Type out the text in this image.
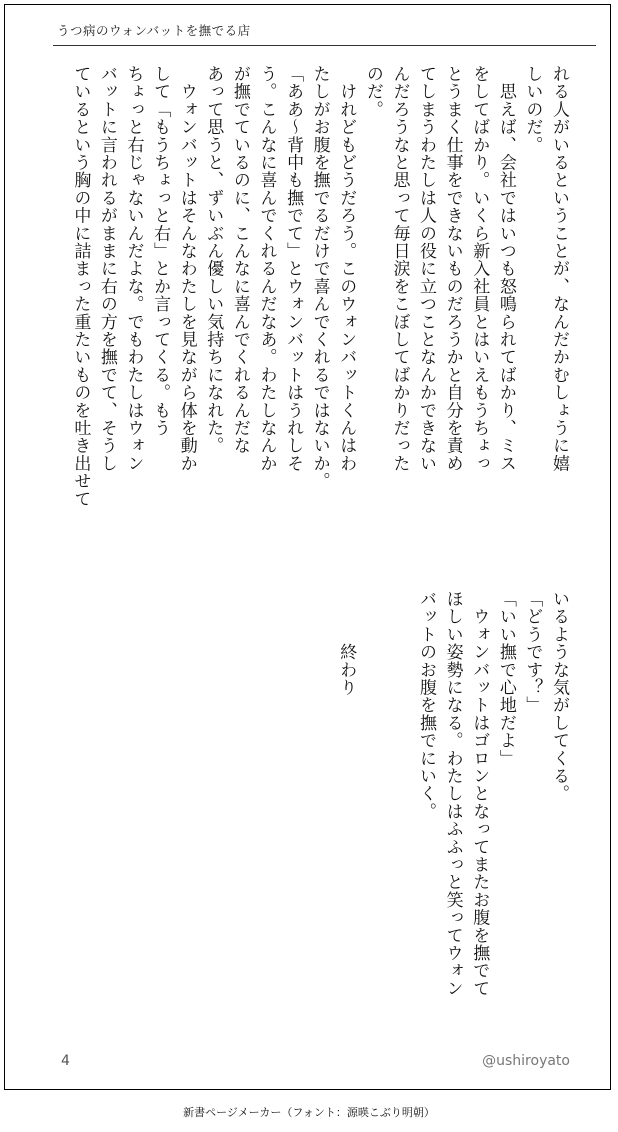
うつ病のウォンバットを撫でる店
れる人がいるということが、なんだかむしょうに嬉
しいのだ。
　思えば、会社ではいつも怒鳴られてばかり、ミス
をしてばかり。いくら新入社員とはいえもうちょっ
とうまく仕事をできないものだろうかと自分を責め
てしまうわたしは人の役に立つことなんかできない
んだろうなと思って毎日涙をこぼしてばかりだった
のだ。
　けれどもどうだろう。このウォンバットくんはわ
たしがお腹を撫でるだけで喜んでくれるではないか。
「ああ〜背中も撫でて」とウォンバットはうれしそ
う。こんなに喜んでくれるんだなあ。わたしなんか
が撫でているのに、こんなに喜んでくれるんだな
あって思うと、ずいぶん優しい気持ちになれた。
　ウォンバットはそんなわたしを見ながら体を動か
して「もうちょっと右」とか言ってくる。もう
ちょっと右じゃないんだよな。でもわたしはウォン
バットに言われるがままに右の方を撫でて、そうし
ているという胸の中に詰まった重たいものを吐き出せて
いるような気がしてくる。
「どうです？」
「いい撫で心地だよ」
　ウォンバットはゴロンとなってまたお腹を撫でて
ほしい姿勢になる。わたしはふふっと笑ってウォン
バットのお腹を撫でにいく。

　　　終わり
4	@ushiroyato
新書ページメーカー（フォント：源暎こぶり明朝）
